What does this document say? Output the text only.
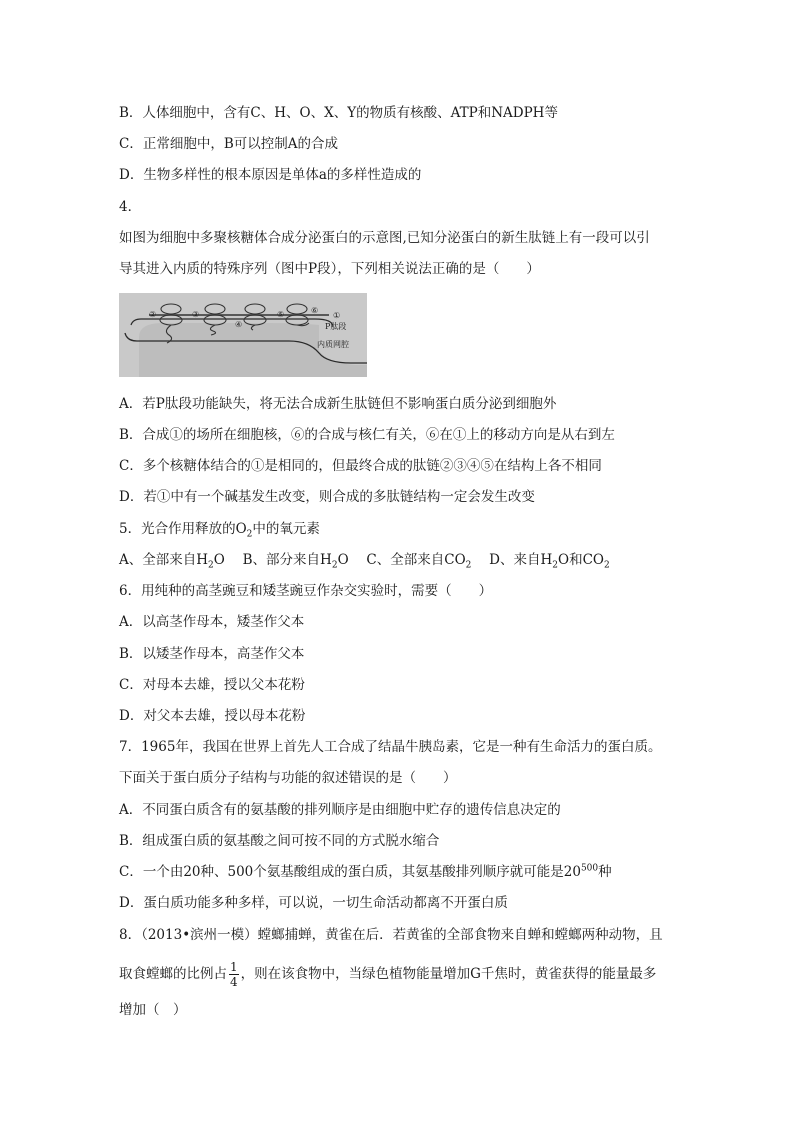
B．人体细胞中，含有C、H、O、X、Y的物质有核酸、ATP和NADPH等
C．正常细胞中，B可以控制A的合成
D．生物多样性的根本原因是单体a的多样性造成的
4．
如图为细胞中多聚核糖体合成分泌蛋白的示意图,已知分泌蛋白的新生肽链上有一段可以引
导其进入内质的特殊序列（图中P段），下列相关说法正确的是（　　）
②	③
④
⑤	⑥
①
P肽段
内质网腔
A．若P肽段功能缺失，将无法合成新生肽链但不影响蛋白质分泌到细胞外
B．合成①的场所在细胞核，⑥的合成与核仁有关，⑥在①上的移动方向是从右到左
C．多个核糖体结合的①是相同的，但最终合成的肽链②③④⑤在结构上各不相同
D．若①中有一个碱基发生改变，则合成的多肽链结构一定会发生改变
5．光合作用释放的$O_2$中的氧元素
A、全部来自$H_2O$　 B、部分来自$H_2O$　 C、全部来自$CO_2$　 D、来自$H_2O$和$CO_2$
6．用纯种的高茎豌豆和矮茎豌豆作杂交实验时，需要（　　）
A．以高茎作母本，矮茎作父本
B．以矮茎作母本，高茎作父本
C．对母本去雄，授以父本花粉
D．对父本去雄，授以母本花粉
7．1965年，我国在世界上首先人工合成了结晶牛胰岛素，它是一种有生命活力的蛋白质。
下面关于蛋白质分子结构与功能的叙述错误的是（　　）
A．不同蛋白质含有的氨基酸的排列顺序是由细胞中贮存的遗传信息决定的
B．组成蛋白质的氨基酸之间可按不同的方式脱水缩合
C．一个由20种、500个氨基酸组成的蛋白质，其氨基酸排列顺序就可能是$20^{500}$种
D．蛋白质功能多种多样，可以说，一切生命活动都离不开蛋白质
8．（2013•滨州一模）螳螂捕蝉，黄雀在后．若黄雀的全部食物来自蝉和螳螂两种动物，且
取食螳螂的比例占 $\frac{1}{4}$ ，则在该食物中，当绿色植物能量增加G千焦时，黄雀获得的能量最多
增加（　）
